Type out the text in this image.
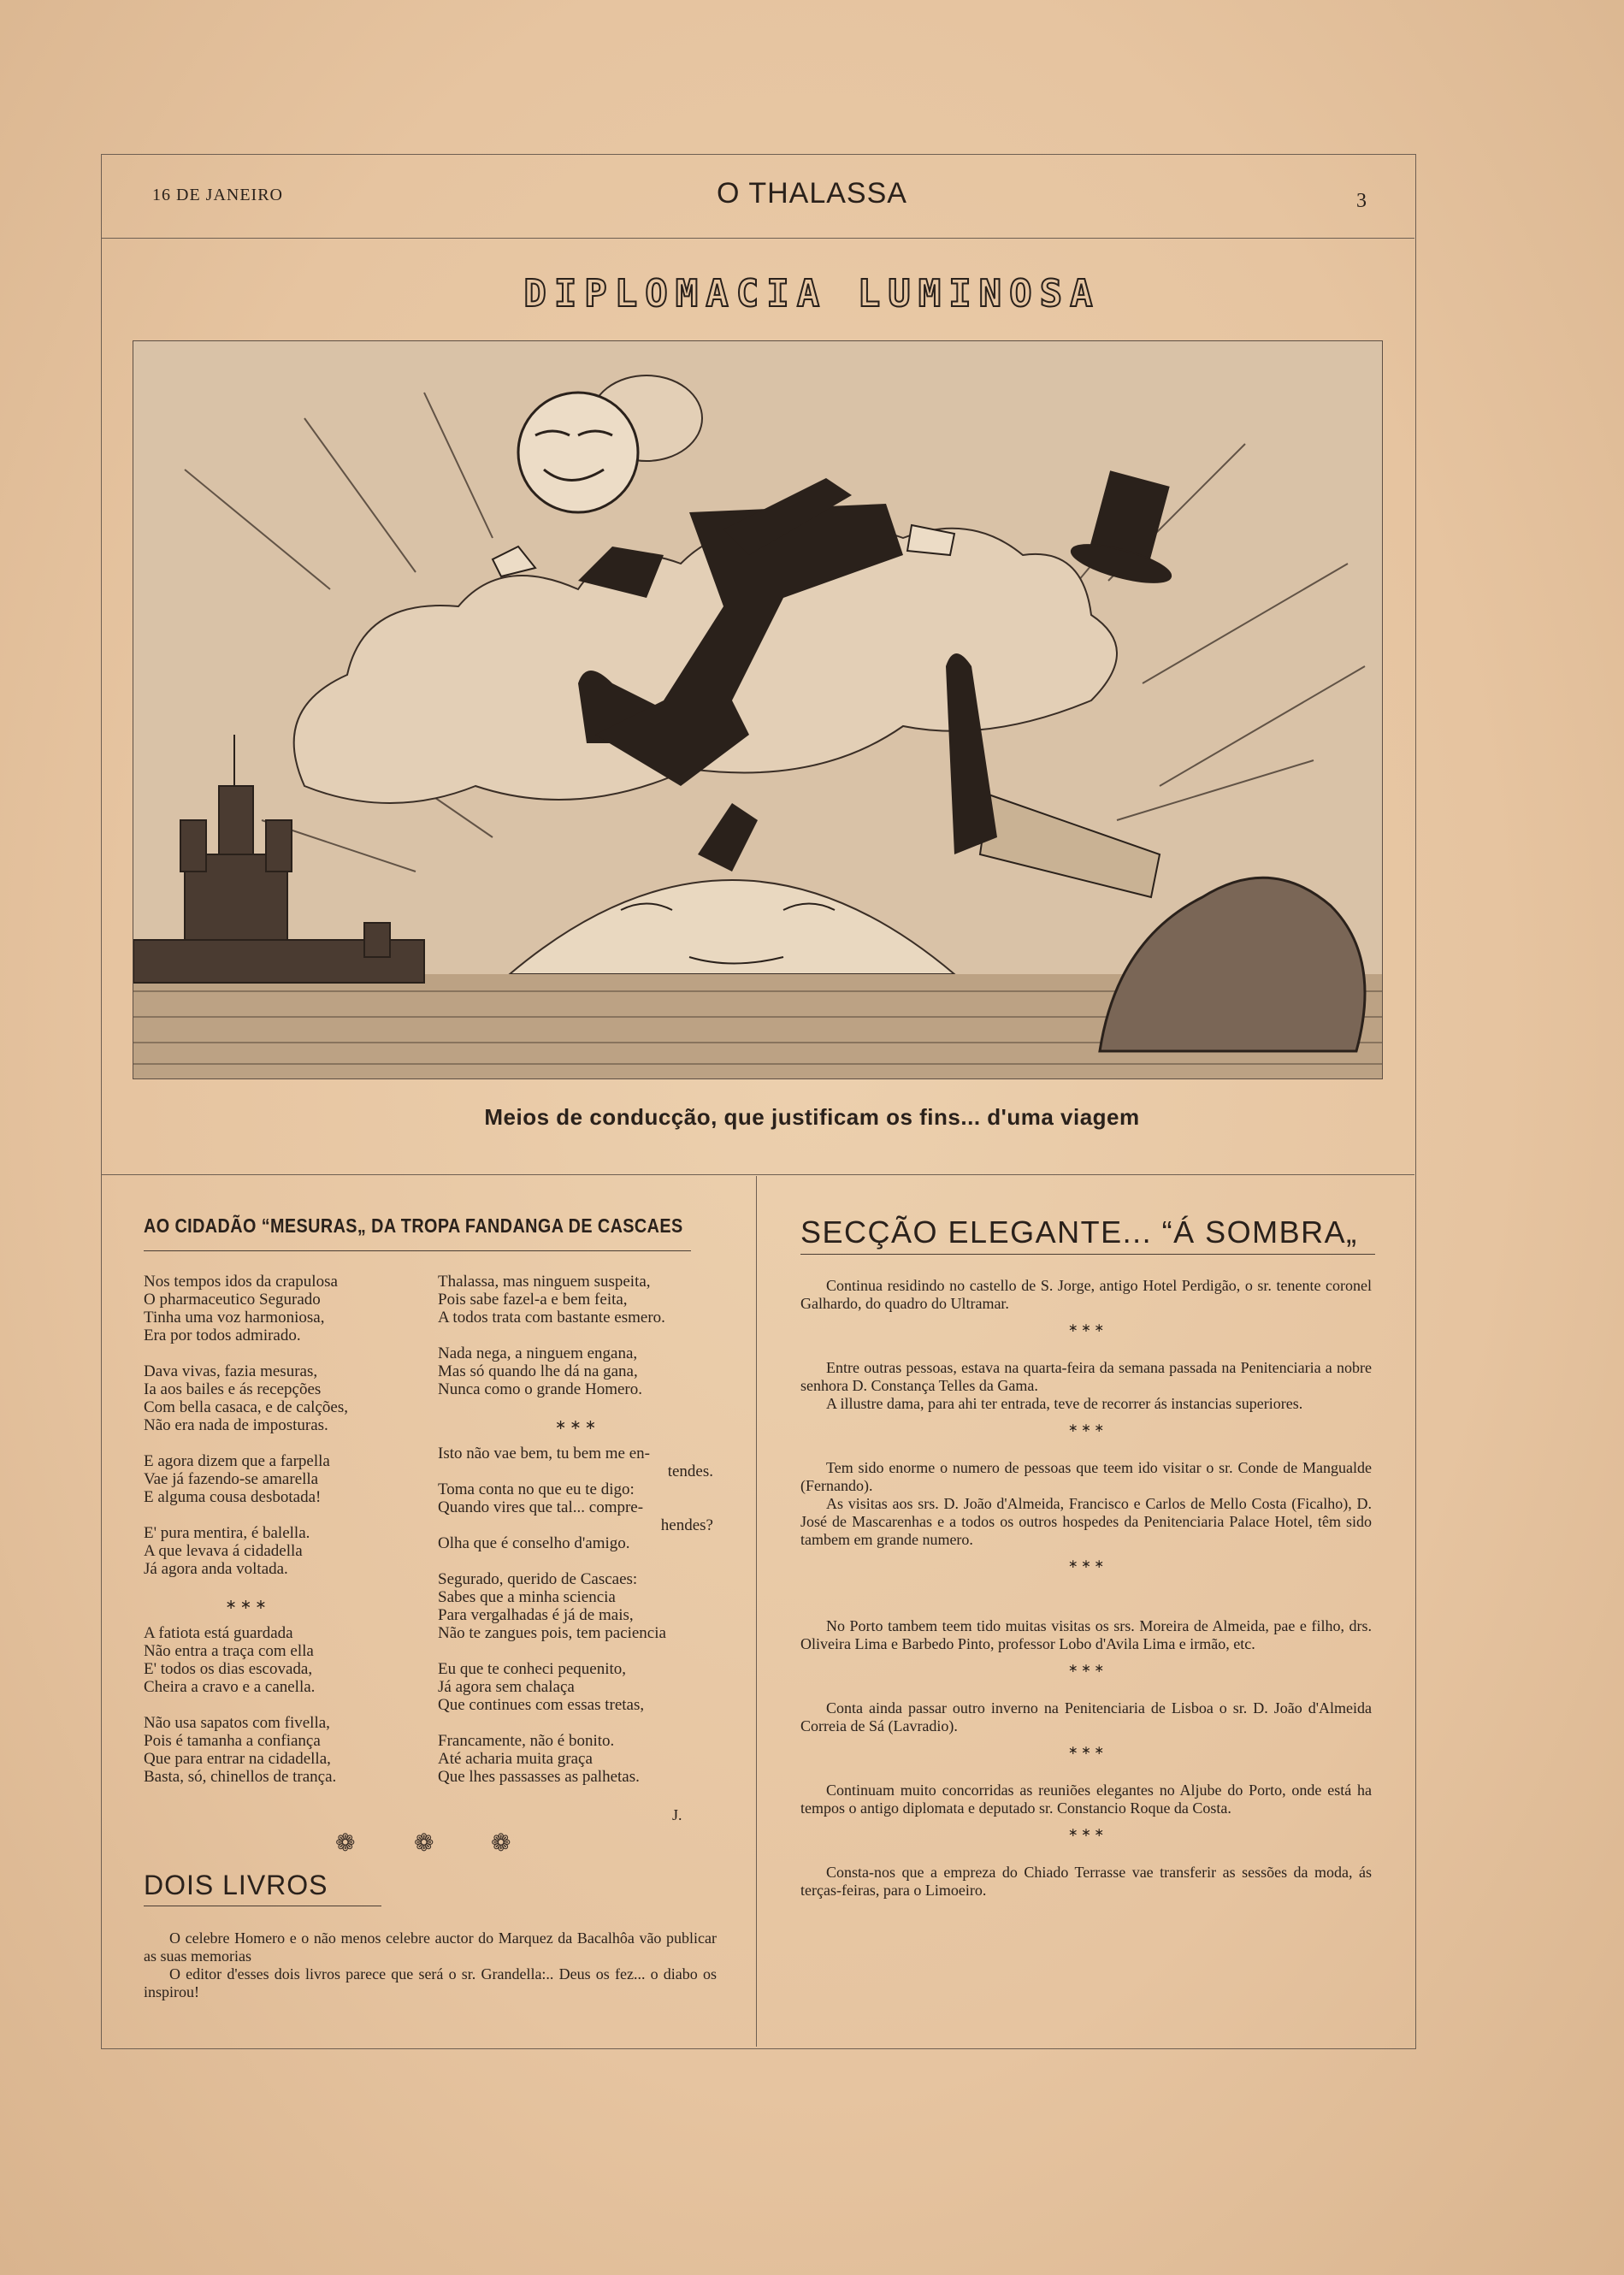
16 DE JANEIRO	O THALASSA	3
DIPLOMACIA LUMINOSA
Meios de conducção, que justificam os fins... d'uma viagem
AO CIDADÃO “MESURAS„ DA TROPA FANDANGA DE CASCAES
Nos tempos idos da crapulosa
O pharmaceutico Segurado
Tinha uma voz harmoniosa,
Era por todos admirado.
Dava vivas, fazia mesuras,
Ia aos bailes e ás recepções
Com bella casaca, e de calções,
Não era nada de imposturas.
E agora dizem que a farpella
Vae já fazendo-se amarella
E alguma cousa desbotada!
E' pura mentira, é balella.
A que levava á cidadella
Já agora anda voltada.
∗ ∗ ∗
A fatiota está guardada
Não entra a traça com ella
E' todos os dias escovada,
Cheira a cravo e a canella.
Não usa sapatos com fivella,
Pois é tamanha a confiança
Que para entrar na cidadella,
Basta, só, chinellos de trança.
Thalassa, mas ninguem suspeita,
Pois sabe fazel-a e bem feita,
A todos trata com bastante esmero.
Nada nega, a ninguem engana,
Mas só quando lhe dá na gana,
Nunca como o grande Homero.
∗ ∗ ∗
Isto não vae bem, tu bem me en-
tendes.
Toma conta no que eu te digo:
Quando vires que tal... compre-
hendes?
Olha que é conselho d'amigo.
Segurado, querido de Cascaes:
Sabes que a minha sciencia
Para vergalhadas é já de mais,
Não te zangues pois, tem paciencia
Eu que te conheci pequenito,
Já agora sem chalaça
Que continues com essas tretas,
Francamente, não é bonito.
Até acharia muita graça
Que lhes passasses as palhetas.
J.
❁ ❁ ❁
DOIS LIVROS

O celebre Homero e o não menos celebre auctor do Marquez da Bacalhôa vão publicar as suas memorias

O editor d'esses dois livros parece que será o sr. Grandella:.. Deus os fez... o diabo os inspirou!

SECÇÃO ELEGANTE... “Á SOMBRA„

Continua residindo no castello de S. Jorge, antigo Hotel Perdigão, o sr. tenente coronel Galhardo, do quadro do Ultramar.

∗ ∗ ∗

Entre outras pessoas, estava na quarta-feira da semana passada na Penitenciaria a nobre senhora D. Constança Telles da Gama.

A illustre dama, para ahi ter entrada, teve de recorrer ás instancias superiores.

∗ ∗ ∗

Tem sido enorme o numero de pessoas que teem ido visitar o sr. Conde de Mangualde (Fernando).

As visitas aos srs. D. João d'Almeida, Francisco e Carlos de Mello Costa (Ficalho), D. José de Mascarenhas e a todos os outros hospedes da Penitenciaria Palace Hotel, têm sido tambem em grande numero.

∗ ∗ ∗

No Porto tambem teem tido muitas visitas os srs. Moreira de Almeida, pae e filho, drs. Oliveira Lima e Barbedo Pinto, professor Lobo d'Avila Lima e irmão, etc.

∗ ∗ ∗

Conta ainda passar outro inverno na Penitenciaria de Lisboa o sr. D. João d'Almeida Correia de Sá (Lavradio).

∗ ∗ ∗

Continuam muito concorridas as reuniões elegantes no Aljube do Porto, onde está ha tempos o antigo diplomata e deputado sr. Constancio Roque da Costa.

∗ ∗ ∗

Consta-nos que a empreza do Chiado Terrasse vae transferir as sessões da moda, ás terças-feiras, para o Limoeiro.
